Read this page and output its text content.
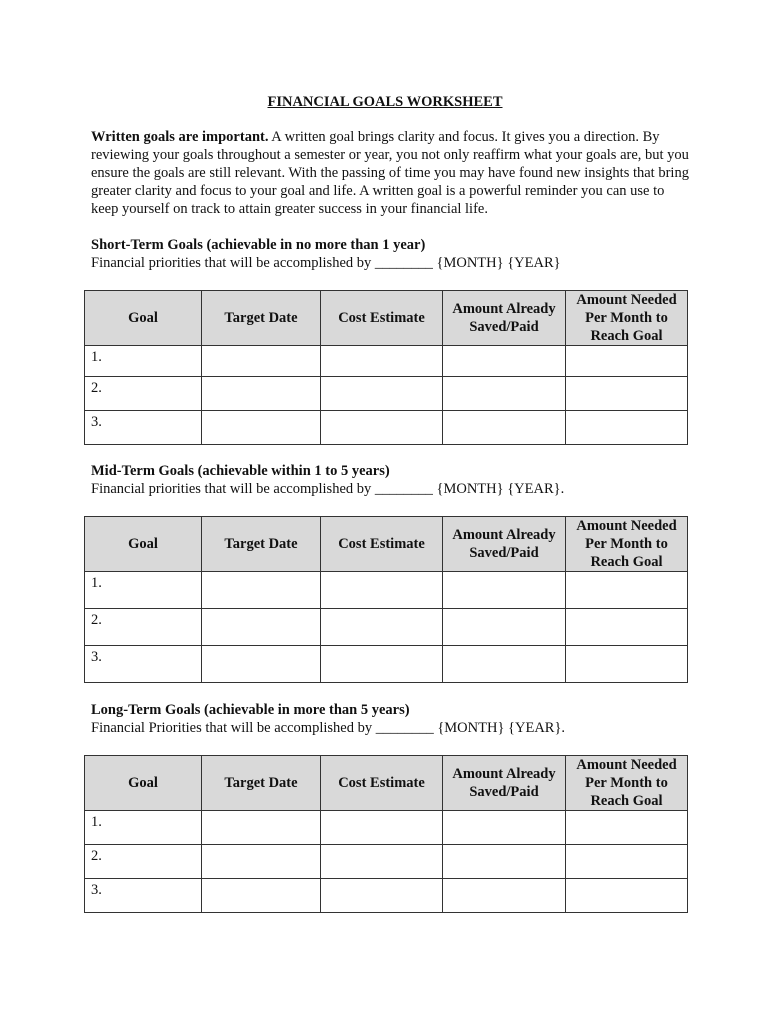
FINANCIAL GOALS WORKSHEET

Written goals are important. A written goal brings clarity and focus. It gives you a direction. By reviewing your goals throughout a semester or year, you not only reaffirm what your goals are, but you ensure the goals are still relevant. With the passing of time you may have found new insights that bring greater clarity and focus to your goal and life. A written goal is a powerful reminder you can use to keep yourself on track to attain greater success in your financial life.

Short-Term Goals (achievable in no more than 1 year)
Financial priorities that will be accomplished by ________ {MONTH} {YEAR}
Goal	Target Date	Cost Estimate	Amount Already Saved/Paid	Amount Needed Per Month to Reach Goal
1.				
2.				
3.				
Mid-Term Goals (achievable within 1 to 5 years)
Financial priorities that will be accomplished by ________ {MONTH} {YEAR}.
Goal	Target Date	Cost Estimate	Amount Already Saved/Paid	Amount Needed Per Month to Reach Goal
1.				
2.				
3.				
Long-Term Goals (achievable in more than 5 years)
Financial Priorities that will be accomplished by ________ {MONTH} {YEAR}.
Goal	Target Date	Cost Estimate	Amount Already Saved/Paid	Amount Needed Per Month to Reach Goal
1.				
2.				
3.				
